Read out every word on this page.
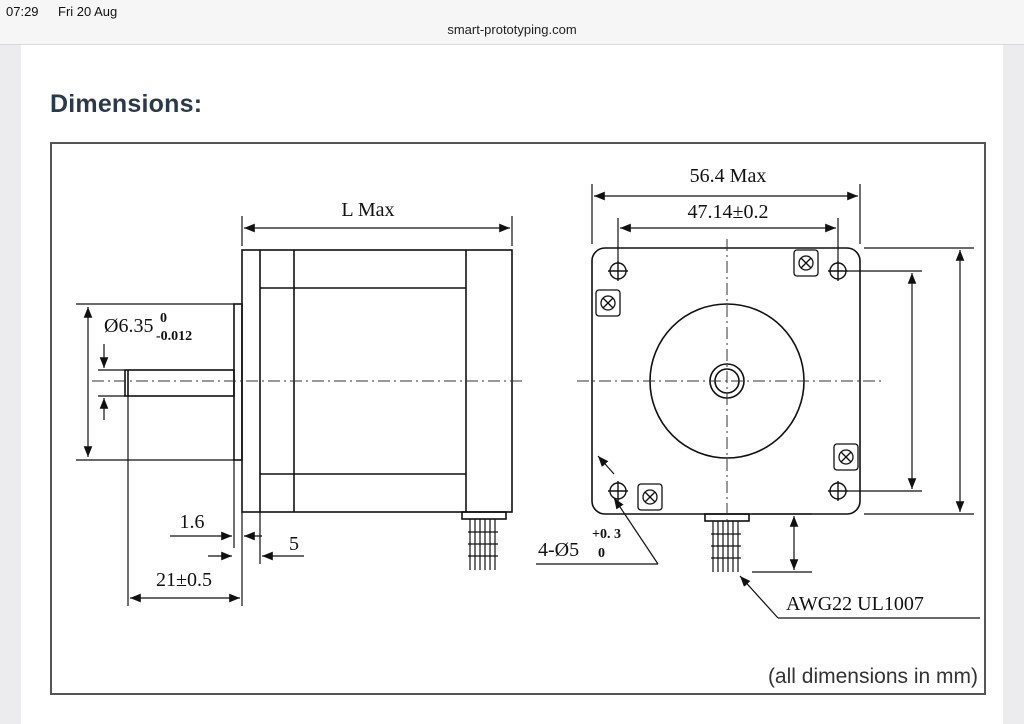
07:29 Fri 20 Aug
smart-prototyping.com
Dimensions:
L Max
Ø6.35 0
-0.012
1.6
5
21±0.5
56.4 Max
47.14±0.2
4-Ø5
+0. 3
0
AWG22 UL1007
(all dimensions in mm)
